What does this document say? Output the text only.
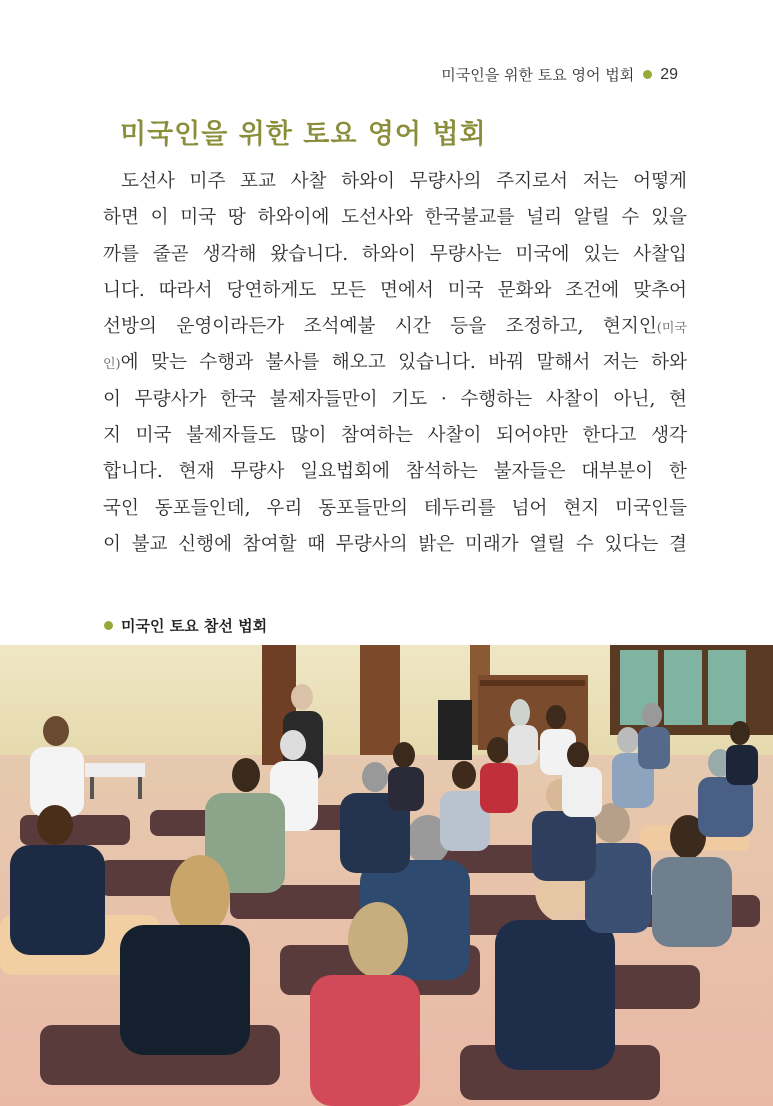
미국인을 위한 토요 영어 법회 29
미국인을 위한 토요 영어 법회
도선사 미주 포교 사찰 하와이 무량사의 주지로서 저는 어떻게
하면 이 미국 땅 하와이에 도선사와 한국불교를 널리 알릴 수 있을
까를 줄곧 생각해 왔습니다. 하와이 무량사는 미국에 있는 사찰입
니다. 따라서 당연하게도 모든 면에서 미국 문화와 조건에 맞추어
선방의 운영이라든가 조석예불 시간 등을 조정하고, 현지인(미국
인)에 맞는 수행과 불사를 해오고 있습니다. 바꿔 말해서 저는 하와
이 무량사가 한국 불제자들만이 기도 · 수행하는 사찰이 아닌, 현
지 미국 불제자들도 많이 참여하는 사찰이 되어야만 한다고 생각
합니다. 현재 무량사 일요법회에 참석하는 불자들은 대부분이 한
국인 동포들인데, 우리 동포들만의 테두리를 넘어 현지 미국인들
이 불교 신행에 참여할 때 무량사의 밝은 미래가 열릴 수 있다는 결
미국인 토요 참선 법회
